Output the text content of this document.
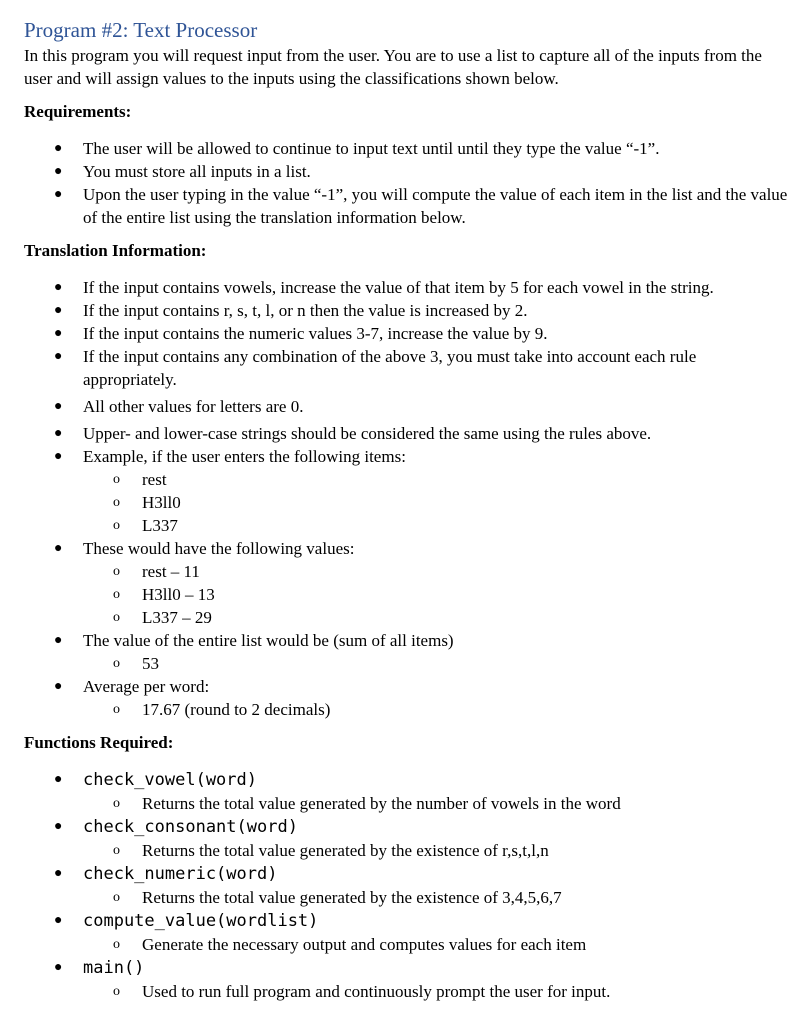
Program #2: Text Processor

In this program you will request input from the user. You are to use a list to capture all of the inputs from the user and will assign values to the inputs using the classifications shown below.

Requirements:
● The user will be allowed to continue to input text until until they type the value “-1”.
● You must store all inputs in a list.
● Upon the user typing in the value “-1”, you will compute the value of each item in the list and the value of the entire list using the translation information below.
Translation Information:
● If the input contains vowels, increase the value of that item by 5 for each vowel in the string.
● If the input contains r, s, t, l, or n then the value is increased by 2.
● If the input contains the numeric values 3-7, increase the value by 9.
● If the input contains any combination of the above 3, you must take into account each rule appropriately.
● All other values for letters are 0.
● Upper- and lower-case strings should be considered the same using the rules above.
● Example, if the user enters the following items:
o rest
o H3ll0
o L337
● These would have the following values:
o rest – 11
o H3ll0 – 13
o L337 – 29
● The value of the entire list would be (sum of all items)
o 53
● Average per word:
o 17.67 (round to 2 decimals)
Functions Required:
● check_vowel(word)
o Returns the total value generated by the number of vowels in the word
● check_consonant(word)
o Returns the total value generated by the existence of r,s,t,l,n
● check_numeric(word)
o Returns the total value generated by the existence of 3,4,5,6,7
● compute_value(wordlist)
o Generate the necessary output and computes values for each item
● main()
o Used to run full program and continuously prompt the user for input.
